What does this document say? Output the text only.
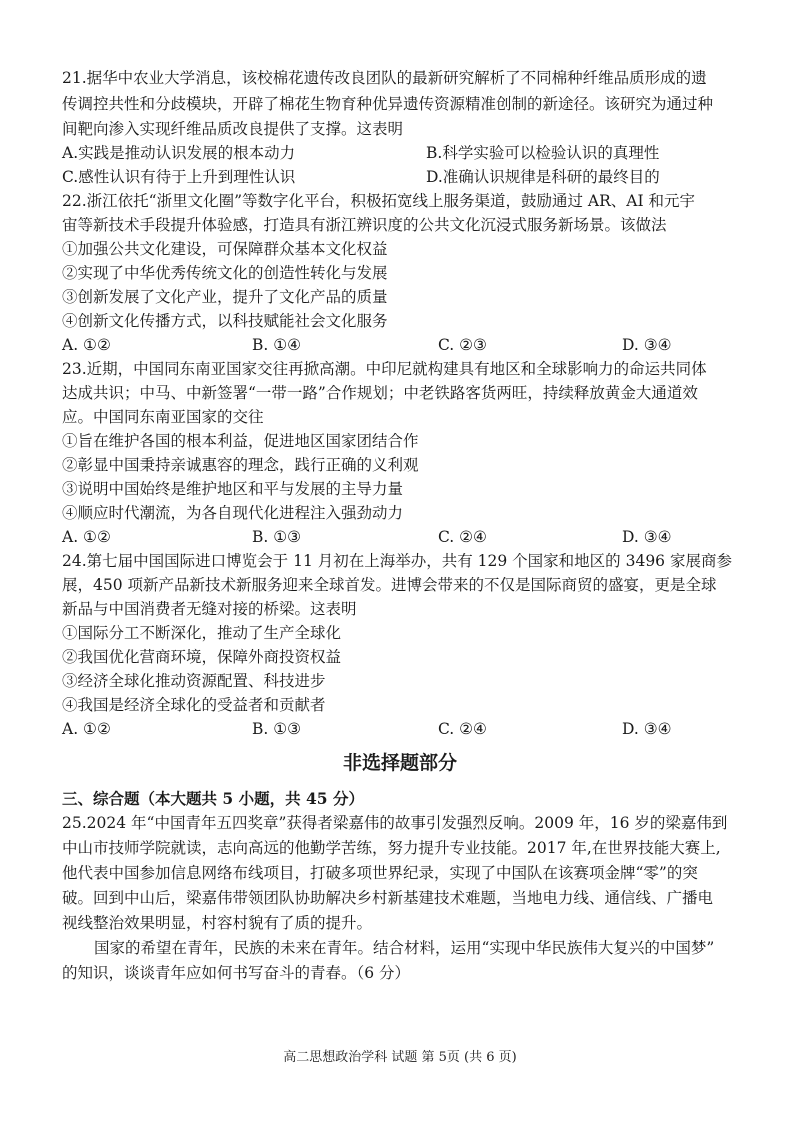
21.据华中农业大学消息，该校棉花遗传改良团队的最新研究解析了不同棉种纤维品质形成的遗
传调控共性和分歧模块，开辟了棉花生物育种优异遗传资源精准创制的新途径。该研究为通过种
间靶向渗入实现纤维品质改良提供了支撑。这表明
A.实践是推动认识发展的根本动力	B.科学实验可以检验认识的真理性
C.感性认识有待于上升到理性认识	D.准确认识规律是科研的最终目的
22.浙江依托“浙里文化圈”等数字化平台，积极拓宽线上服务渠道，鼓励通过 AR、AI 和元宇
宙等新技术手段提升体验感，打造具有浙江辨识度的公共文化沉浸式服务新场景。该做法
①加强公共文化建设，可保障群众基本文化权益
②实现了中华优秀传统文化的创造性转化与发展
③创新发展了文化产业，提升了文化产品的质量
④创新文化传播方式，以科技赋能社会文化服务
A. ①②	B. ①④	C. ②③	D. ③④
23.近期，中国同东南亚国家交往再掀高潮。中印尼就构建具有地区和全球影响力的命运共同体
达成共识；中马、中新签署“一带一路”合作规划；中老铁路客货两旺，持续释放黄金大通道效
应。中国同东南亚国家的交往
①旨在维护各国的根本利益，促进地区国家团结合作
②彰显中国秉持亲诚惠容的理念，践行正确的义利观
③说明中国始终是维护地区和平与发展的主导力量
④顺应时代潮流，为各自现代化进程注入强劲动力
A. ①②	B. ①③	C. ②④	D. ③④
24.第七届中国国际进口博览会于 11 月初在上海举办，共有 129 个国家和地区的 3496 家展商参
展，450 项新产品新技术新服务迎来全球首发。进博会带来的不仅是国际商贸的盛宴，更是全球
新品与中国消费者无缝对接的桥梁。这表明
①国际分工不断深化，推动了生产全球化
②我国优化营商环境，保障外商投资权益
③经济全球化推动资源配置、科技进步
④我国是经济全球化的受益者和贡献者
A. ①②	B. ①③	C. ②④	D. ③④
非选择题部分
三、综合题（本大题共 5 小题，共 45 分）
25.2024 年“中国青年五四奖章”获得者梁嘉伟的故事引发强烈反响。2009 年，16 岁的梁嘉伟到
中山市技师学院就读，志向高远的他勤学苦练，努力提升专业技能。2017 年,在世界技能大赛上,
他代表中国参加信息网络布线项目，打破多项世界纪录，实现了中国队在该赛项金牌“零”的突
破。回到中山后，梁嘉伟带领团队协助解决乡村新基建技术难题，当地电力线、通信线、广播电
视线整治效果明显，村容村貌有了质的提升。
国家的希望在青年，民族的未来在青年。结合材料，运用“实现中华民族伟大复兴的中国梦”
的知识，谈谈青年应如何书写奋斗的青春。（6 分）
高二思想政治学科 试题 第 5页 (共 6 页)
